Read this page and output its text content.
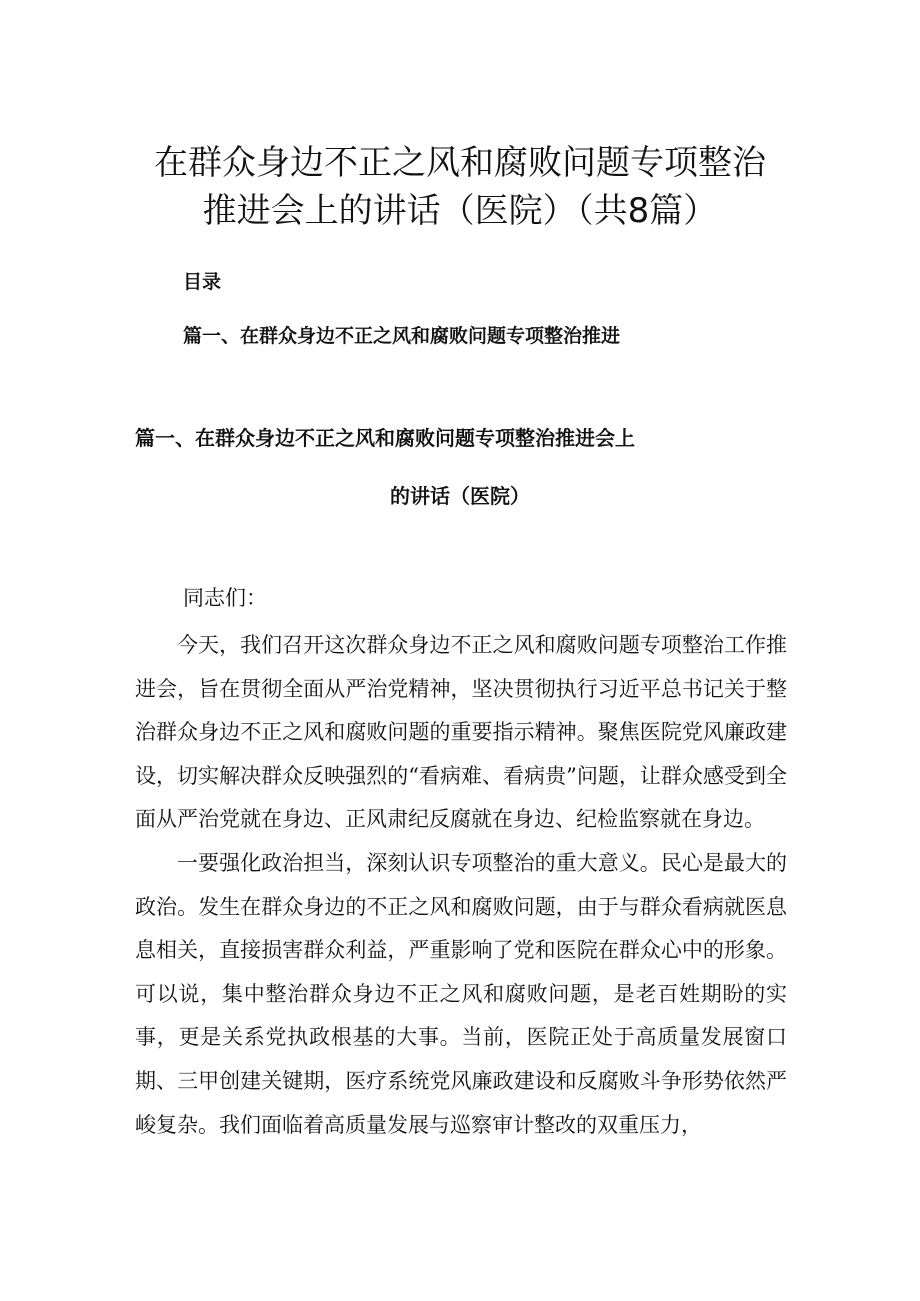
在群众身边不正之风和腐败问题专项整治
推进会上的讲话（医院）（共8篇）
目录
篇一、在群众身边不正之风和腐败问题专项整治推进
篇一、在群众身边不正之风和腐败问题专项整治推进会上
的讲话（医院）
同志们：

今天，我们召开这次群众身边不正之风和腐败问题专项整治工作推进会，旨在贯彻全面从严治党精神，坚决贯彻执行习近平总书记关于整治群众身边不正之风和腐败问题的重要指示精神。聚焦医院党风廉政建设，切实解决群众反映强烈的“看病难、看病贵”问题，让群众感受到全面从严治党就在身边、正风肃纪反腐就在身边、纪检监察就在身边。

一要强化政治担当，深刻认识专项整治的重大意义。民心是最大的政治。发生在群众身边的不正之风和腐败问题，由于与群众看病就医息息相关，直接损害群众利益，严重影响了党和医院在群众心中的形象。可以说，集中整治群众身边不正之风和腐败问题，是老百姓期盼的实事，更是关系党执政根基的大事。当前，医院正处于高质量发展窗口期、三甲创建关键期，医疗系统党风廉政建设和反腐败斗争形势依然严峻复杂。我们面临着高质量发展与巡察审计整改的双重压力，
